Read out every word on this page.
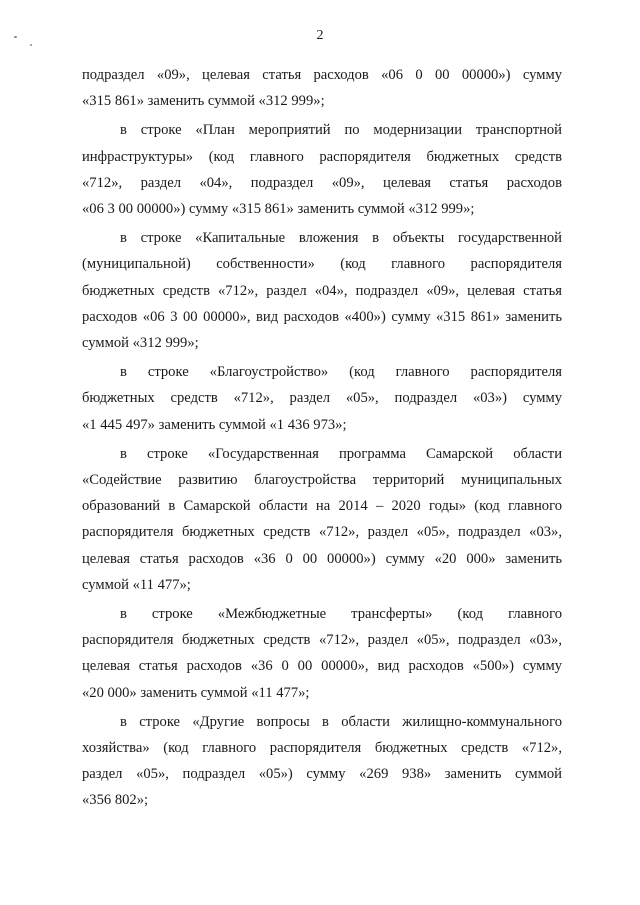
2
подраздел «09», целевая статья расходов «06 0 00 00000») сумму
«315 861» заменить суммой «312 999»;
в строке «План мероприятий по модернизации транспортной
инфраструктуры» (код главного распорядителя бюджетных средств
«712», раздел «04», подраздел «09», целевая статья расходов
«06 3 00 00000») сумму «315 861» заменить суммой «312 999»;
в строке «Капитальные вложения в объекты государственной
(муниципальной) собственности» (код главного распорядителя
бюджетных средств «712», раздел «04», подраздел «09», целевая статья
расходов «06 3 00 00000», вид расходов «400») сумму «315 861» заменить
суммой «312 999»;
в строке «Благоустройство» (код главного распорядителя
бюджетных средств «712», раздел «05», подраздел «03») сумму
«1 445 497» заменить суммой «1 436 973»;
в строке «Государственная программа Самарской области
«Содействие развитию благоустройства территорий муниципальных
образований в Самарской области на 2014 – 2020 годы» (код главного
распорядителя бюджетных средств «712», раздел «05», подраздел «03»,
целевая статья расходов «36 0 00 00000») сумму «20 000» заменить
суммой «11 477»;
в строке «Межбюджетные трансферты» (код главного
распорядителя бюджетных средств «712», раздел «05», подраздел «03»,
целевая статья расходов «36 0 00 00000», вид расходов «500») сумму
«20 000» заменить суммой «11 477»;
в строке «Другие вопросы в области жилищно-коммунального
хозяйства» (код главного распорядителя бюджетных средств «712»,
раздел «05», подраздел «05») сумму «269 938» заменить суммой
«356 802»;
